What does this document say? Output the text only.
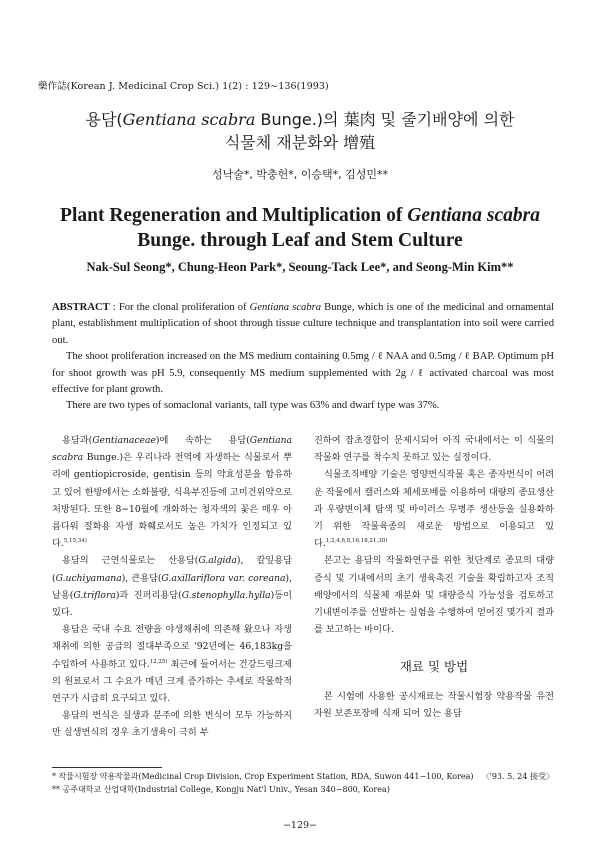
藥作誌(Korean J. Medicinal Crop Sci.) 1(2) : 129∼136(1993)
용담(Gentiana scabra Bunge.)의 葉肉 및 줄기배양에 의한
식물체 재분화와 增殖
성낙술*, 박충헌*, 이승택*, 김성민**
Plant Regeneration and Multiplication of Gentiana scabra
Bunge. through Leaf and Stem Culture
Nak-Sul Seong*, Chung-Heon Park*, Seoung-Tack Lee*, and Seong-Min Kim**

ABSTRACT : For the clonal proliferation of Gentiana scabra Bunge, which is one of the medicinal and ornamental plant, establishment multiplication of shoot through tissue culture technique and transplantation into soil were carried out.

The shoot proliferation increased on the MS medium containing 0.5mg / ℓ NAA and 0.5mg / ℓ BAP. Optimum pH for shoot growth was pH 5.9, consequently MS medium supplemented with 2g / ℓ activated charcoal was most effective for plant growth.

There are two types of somaclonal variants, tall type was 63% and dwarf type was 37%.

용담과(Gentianaceae)에 속하는 용담(Gentiana scabra Bunge.)은 우리나라 전역에 자생하는 식물로서 뿌리에 gentiopicroside, gentisin 등의 약효성분을 함유하고 있어 한방에서는 소화불량, 식욕부진등에 고미건위약으로 처방된다. 또한 8∼10월에 개화하는 청자색의 꽃은 매우 아름다워 절화용 자생 화훼로서도 높은 가치가 인정되고 있다.$^{5,15,34)}$

용담의 근연식물로는 산용담(G.algida), 칼잎용담(G.uchiyamana), 큰용담(G.axillariflora var. coreana), 날용(G.triflora)과 진퍼리용담(G.stenophylla.hylla)등이 있다.

용담은 국내 수요 전량을 야생채취에 의존해 왔으나 자생채취에 의한 공급의 절대부족으로 '92년에는 46,183kg을 수입하여 사용하고 있다.$^{12,25)}$ 최근에 들어서는 건강드링크제의 원료로서 그 수요가 매년 크게 증가하는 추세로 작물학적 연구가 시급히 요구되고 있다.

용담의 번식은 실생과 분주에 의한 번식이 모두 가능하지만 실생번식의 경우 초기생육이 극히 부

진하여 잡초경합이 문제시되어 아직 국내에서는 이 식물의 작물화 연구를 착수치 못하고 있는 실정이다.

식물조직배양 기술은 영양번식작물 혹은 종자번식이 어려운 작물에서 캘러스와 체세포배를 이용하여 대량의 종묘생산과 우량변이체 탐색 및 바이러스 무병주 생산등을 실용화하기 위한 작물육종의 새로운 방법으로 이용되고 있다.$^{1,2,4,6,8,16,18,21,30)}$

본고는 용담의 작물화연구를 위한 첫단계로 종묘의 대량증식 및 기내에서의 초기 생육촉진 기술을 확립하고자 조직배양에서의 식물체 재분화 및 대량증식 가능성을 검토하고 기내변이주를 선발하는 실험을 수행하여 얻어진 몇가지 결과를 보고하는 바이다.

재료 및 방법

본 시험에 사용한 공시재료는 작물시험장 약용작물 유전자원 보존포장에 식재 되어 있는 용담

* 작물시험장 약용작물과(Medicinal Crop Division, Crop Experiment Station, RDA, Suwon 441−100, Korea) 〈'93. 5. 24 接受〉
** 공주대학교 산업대학(Industrial College, Kongju Nat'l Univ., Yesan 340−800, Korea)
−129−
